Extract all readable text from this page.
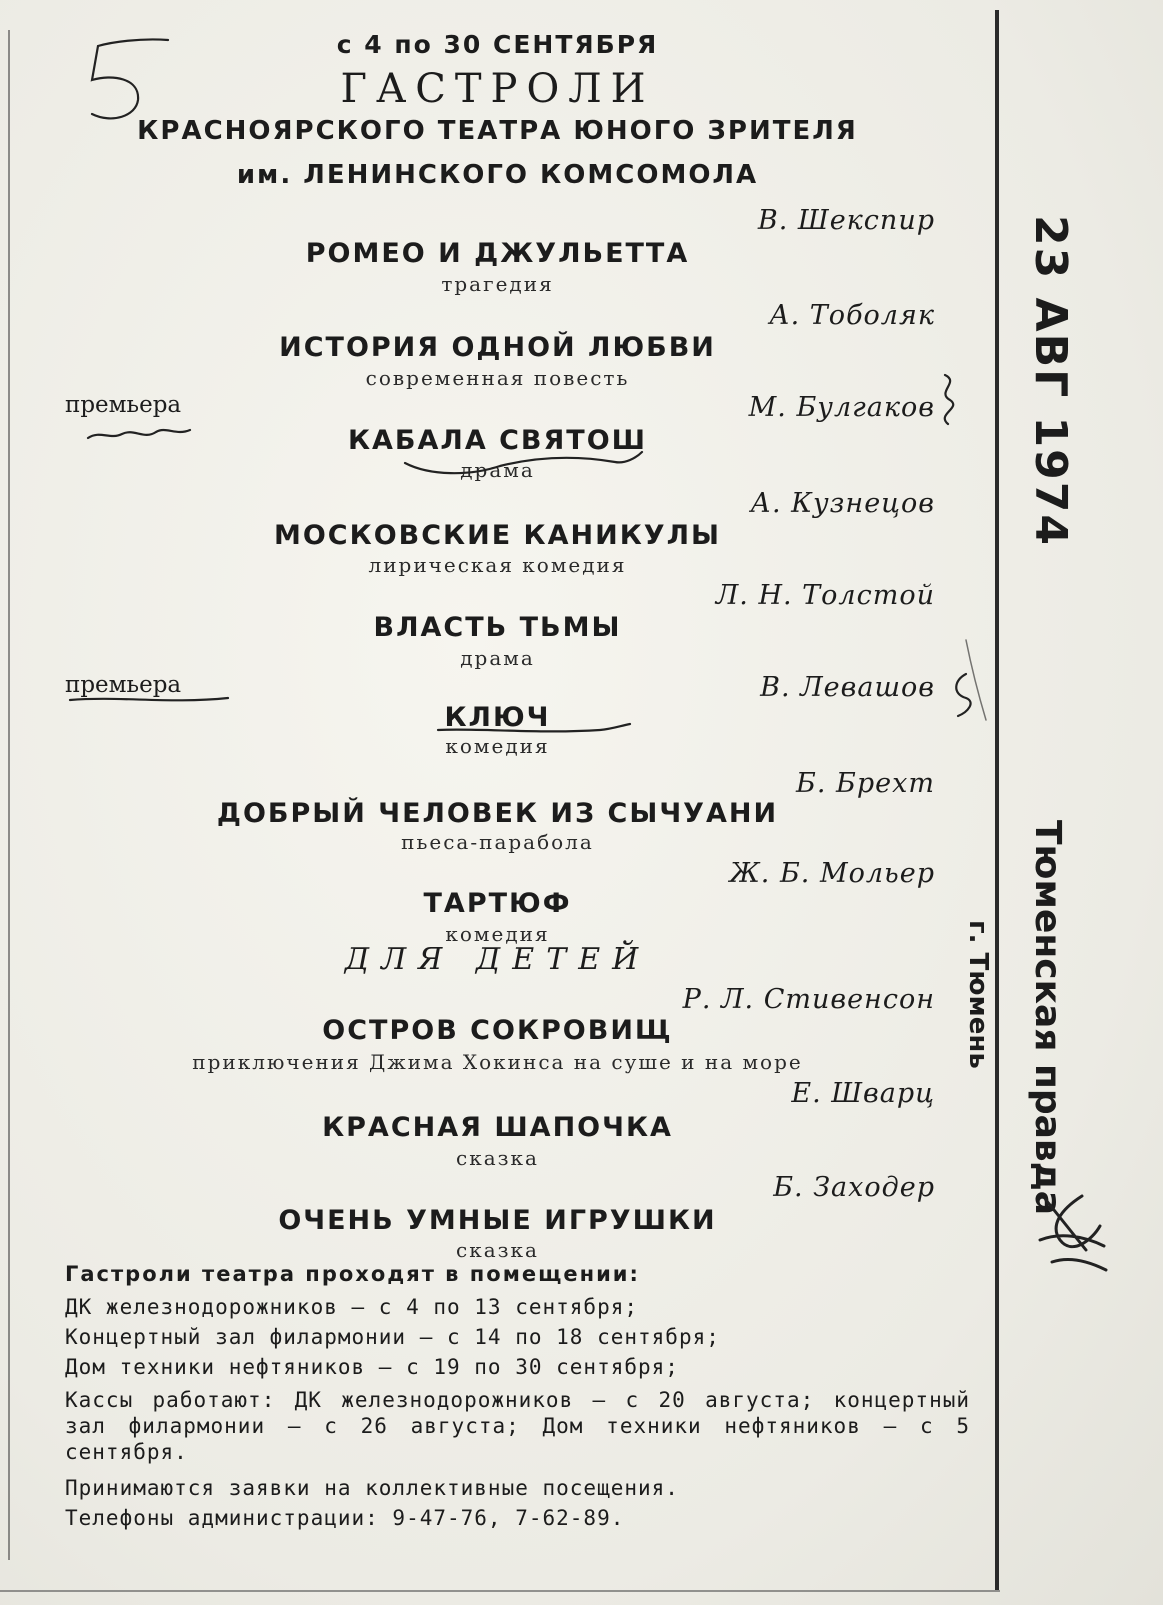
с 4 по 30 СЕНТЯБРЯ
ГАСТРОЛИ
КРАСНОЯРСКОГО ТЕАТРА ЮНОГО ЗРИТЕЛЯ
им. ЛЕНИНСКОГО КОМСОМОЛА
В. Шекспир
РОМЕО И ДЖУЛЬЕТТА
трагедия
А. Тоболяк
ИСТОРИЯ ОДНОЙ ЛЮБВИ
современная повесть
премьера	М. Булгаков
КАБАЛА СВЯТОШ
драма
А. Кузнецов
МОСКОВСКИЕ КАНИКУЛЫ
лирическая комедия
Л. Н. Толстой
ВЛАСТЬ ТЬМЫ
драма
премьера	В. Левашов
КЛЮЧ
комедия
Б. Брехт
ДОБРЫЙ ЧЕЛОВЕК ИЗ СЫЧУАНИ
пьеса-парабола
Ж. Б. Мольер
ТАРТЮФ
комедия
ДЛЯ ДЕТЕЙ
Р. Л. Стивенсон
ОСТРОВ СОКРОВИЩ
приключения Джима Хокинса на суше и на море
Е. Шварц
КРАСНАЯ ШАПОЧКА
сказка
Б. Заходер
ОЧЕНЬ УМНЫЕ ИГРУШКИ
сказка
Гастроли театра проходят в помещении:
ДК железнодорожников — с 4 по 13 сентября;
Концертный зал филармонии — с 14 по 18 сентября;
Дом техники нефтяников — с 19 по 30 сентября;
Кассы работают: ДК железнодорожников — с 20 августа; концертный зал филармонии — с 26 августа; Дом техники нефтяников — с 5 сентября.
Принимаются заявки на коллективные посещения.
Телефоны администрации: 9-47-76, 7-62-89.
23 АВГ 1974
Тюменская правда
г. Тюмень
